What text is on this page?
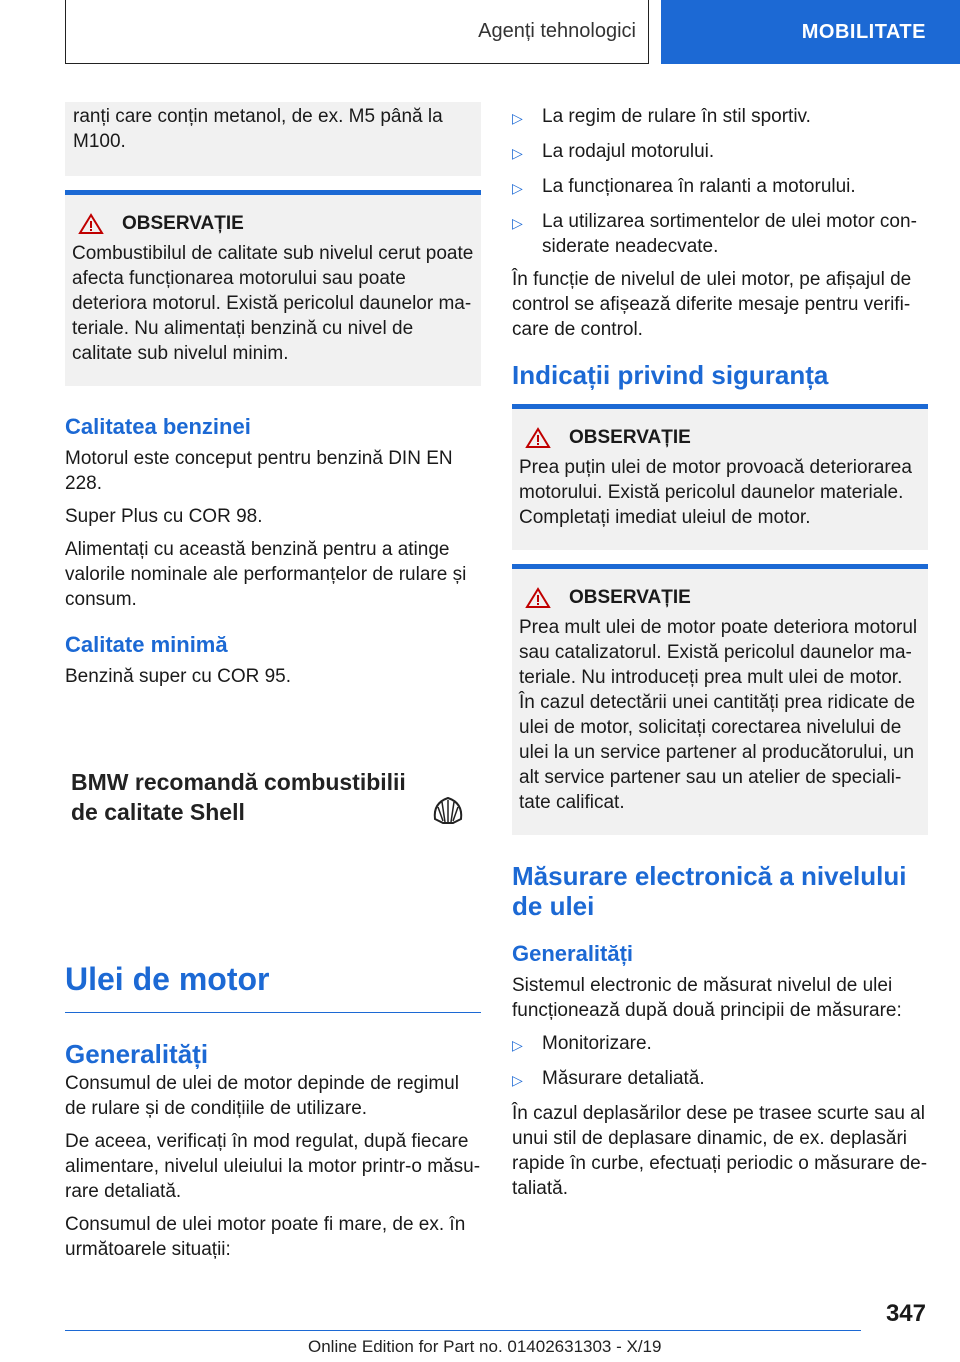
Agenți tehnologici	MOBILITATE

ranți care conțin metanol, de ex. M5 până la M100.

OBSERVAȚIE

Combustibilul de calitate sub nivelul cerut poate afecta funcționarea motorului sau poate deteriora motorul. Există pericolul daunelor materiale. Nu alimentați benzină cu nivel de calitate sub nivelul minim.

Calitatea benzinei

Motorul este conceput pentru benzină DIN EN 228.

Super Plus cu COR 98.

Alimentați cu această benzină pentru a atinge valorile nominale ale performanțelor de rulare și consum.

Calitate minimă

Benzină super cu COR 95.

BMW recomandă combustibilii de calitate Shell
Ulei de motor
Generalități

Consumul de ulei de motor depinde de regimul de rulare și de condițiile de utilizare.

De aceea, verificați în mod regulat, după fiecare alimentare, nivelul uleiului la motor printr-o măsurare detaliată.

Consumul de ulei motor poate fi mare, de ex. în următoarele situații:

▷	La regim de rulare în stil sportiv.
▷	La rodajul motorului.
▷	La funcționarea în ralanti a motorului.
▷	La utilizarea sortimentelor de ulei motor considerate neadecvate.

În funcție de nivelul de ulei motor, pe afișajul de control se afișează diferite mesaje pentru verificare de control.

Indicații privind siguranța
OBSERVAȚIE

Prea puțin ulei de motor provoacă deteriorarea motorului. Există pericolul daunelor materiale. Completați imediat uleiul de motor.

OBSERVAȚIE

Prea mult ulei de motor poate deteriora motorul sau catalizatorul. Există pericolul daunelor materiale. Nu introduceți prea mult ulei de motor. În cazul detectării unei cantități prea ridicate de ulei de motor, solicitați corectarea nivelului de ulei la un service partener al producătorului, un alt service partener sau un atelier de specialitate calificat.

Măsurare electronică a nivelului de ulei
Generalități

Sistemul electronic de măsurat nivelul de ulei funcționează după două principii de măsurare:

▷	Monitorizare.
▷	Măsurare detaliată.

În cazul deplasărilor dese pe trasee scurte sau al unui stil de deplasare dinamic, de ex. deplasări rapide în curbe, efectuați periodic o măsurare detaliată.

347
Online Edition for Part no. 01402631303 - X/19
